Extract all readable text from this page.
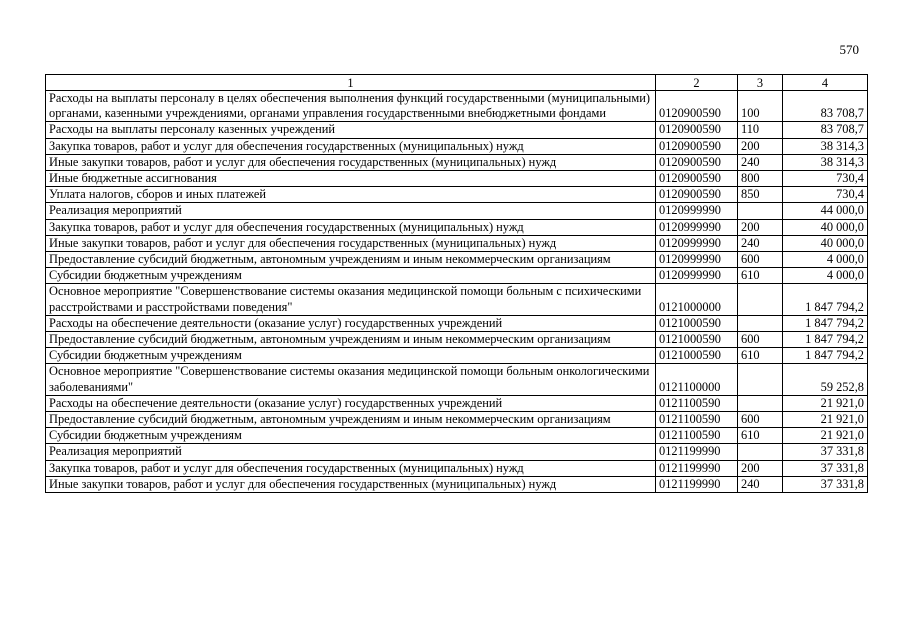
570
1	2	3	4
Расходы на выплаты персоналу в целях обеспечения выполнения функций государственными (муниципальными) органами, казенными учреждениями, органами управления государственными внебюджетными фондами	0120900590	100	83 708,7
Расходы на выплаты персоналу казенных учреждений	0120900590	110	83 708,7
Закупка товаров, работ и услуг для обеспечения государственных (муниципальных) нужд	0120900590	200	38 314,3
Иные закупки товаров, работ и услуг для обеспечения государственных (муниципальных) нужд	0120900590	240	38 314,3
Иные бюджетные ассигнования	0120900590	800	730,4
Уплата налогов, сборов и иных платежей	0120900590	850	730,4
Реализация мероприятий	0120999990		44 000,0
Закупка товаров, работ и услуг для обеспечения государственных (муниципальных) нужд	0120999990	200	40 000,0
Иные закупки товаров, работ и услуг для обеспечения государственных (муниципальных) нужд	0120999990	240	40 000,0
Предоставление субсидий бюджетным, автономным учреждениям и иным некоммерческим организациям	0120999990	600	4 000,0
Субсидии бюджетным учреждениям	0120999990	610	4 000,0
Основное мероприятие "Совершенствование системы оказания медицинской помощи больным с психическими расстройствами и расстройствами поведения"	0121000000		1 847 794,2
Расходы на обеспечение деятельности (оказание услуг) государственных учреждений	0121000590		1 847 794,2
Предоставление субсидий бюджетным, автономным учреждениям и иным некоммерческим организациям	0121000590	600	1 847 794,2
Субсидии бюджетным учреждениям	0121000590	610	1 847 794,2
Основное мероприятие "Совершенствование системы оказания медицинской помощи больным онкологическими заболеваниями"	0121100000		59 252,8
Расходы на обеспечение деятельности (оказание услуг) государственных учреждений	0121100590		21 921,0
Предоставление субсидий бюджетным, автономным учреждениям и иным некоммерческим организациям	0121100590	600	21 921,0
Субсидии бюджетным учреждениям	0121100590	610	21 921,0
Реализация мероприятий	0121199990		37 331,8
Закупка товаров, работ и услуг для обеспечения государственных (муниципальных) нужд	0121199990	200	37 331,8
Иные закупки товаров, работ и услуг для обеспечения государственных (муниципальных) нужд	0121199990	240	37 331,8
